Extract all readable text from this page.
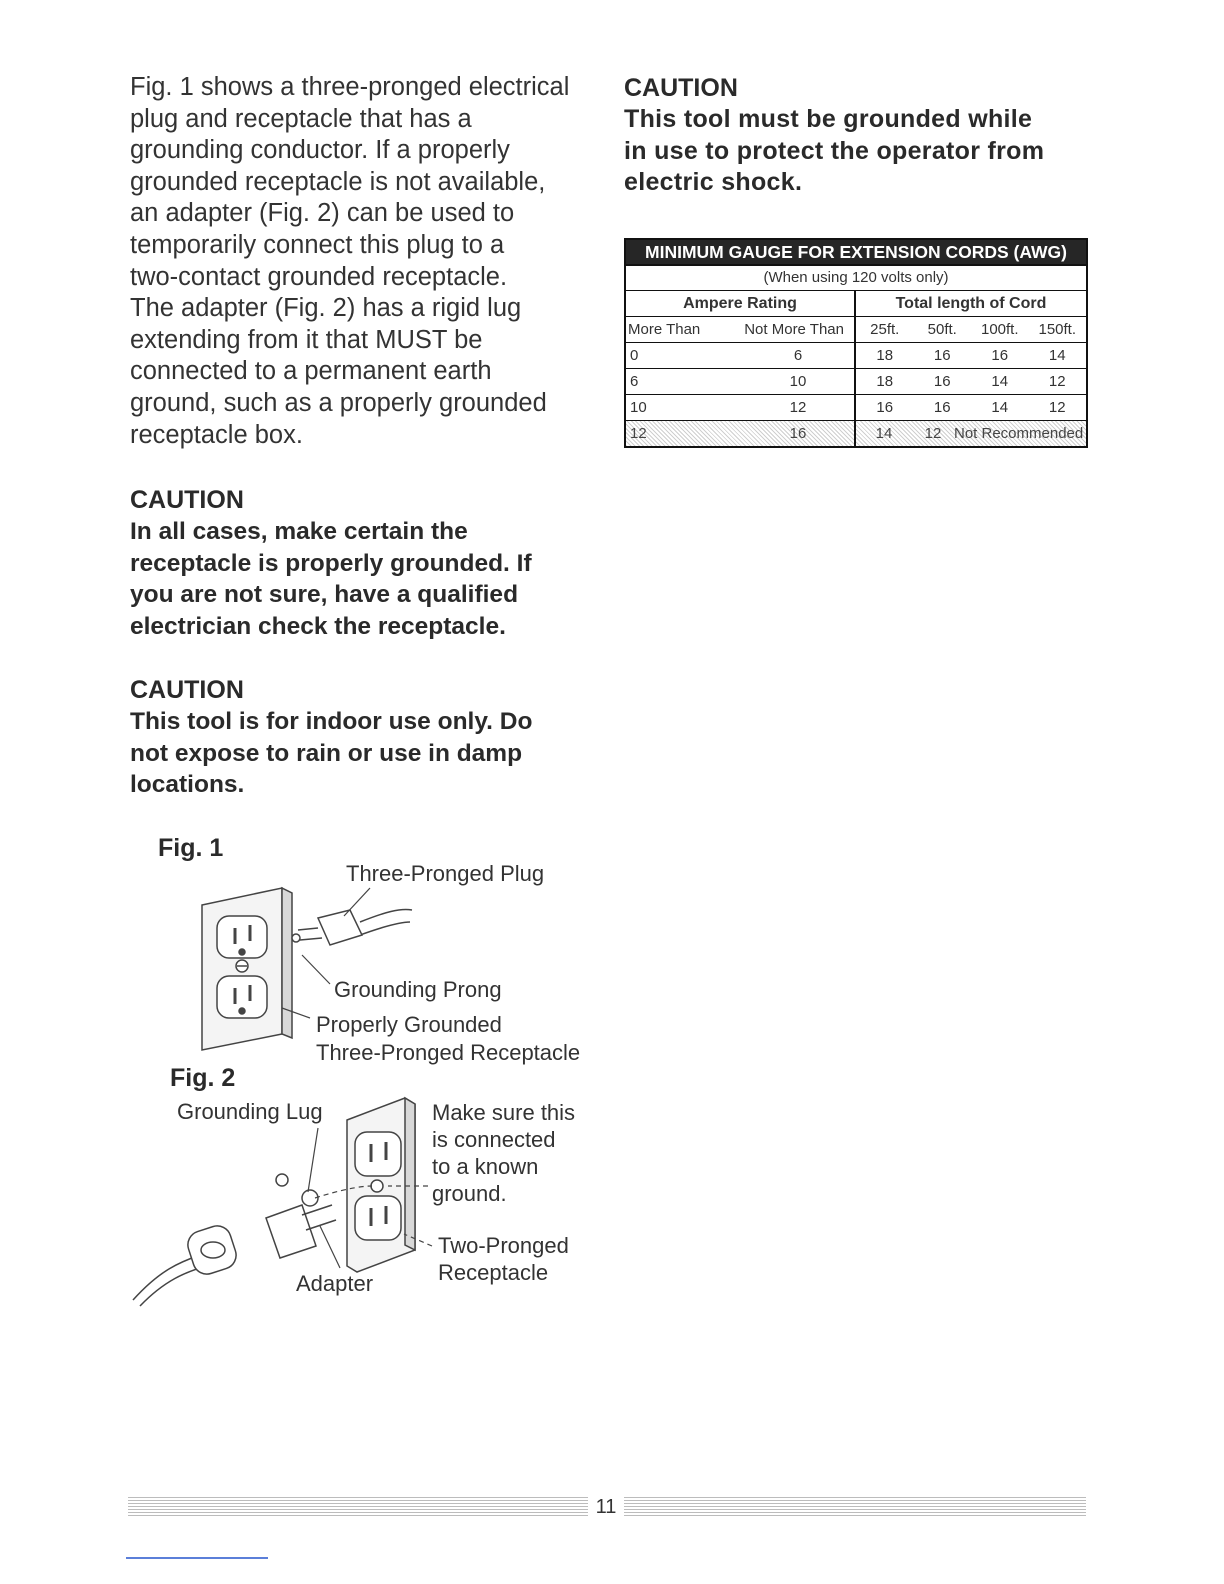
Fig. 1 shows a three-pronged electrical

plug and receptacle that has a

grounding conductor. If a properly

grounded receptacle is not available,

an adapter (Fig. 2) can be used to

temporarily connect this plug to a

two-contact grounded receptacle.

The adapter (Fig. 2) has a rigid lug

extending from it that MUST be

connected to a permanent earth

ground, such as a properly grounded

receptacle box.

CAUTION
This tool must be grounded while
in use to protect the operator from
electric shock.
MINIMUM GAUGE FOR EXTENSION CORDS (AWG)
(When using 120 volts only)
Ampere Rating	Total length of Cord
More Than	Not More Than	25ft.	50ft.	100ft.	150ft.
0	6	18	16	16	14
6	10	18	16	14	12
10	12	16	16	14	12
12	16	14	12 Not Recommended
CAUTION
In all cases, make certain the
receptacle is properly grounded. If
you are not sure, have a qualified
electrician check the receptacle.
CAUTION
This tool is for indoor use only. Do
not expose to rain or use in damp
locations.
Fig. 1
Three-Pronged Plug
Grounding Prong
Properly Grounded
Three-Pronged Receptacle
Fig. 2
Grounding Lug	Make sure this
is connected
to a known
ground.
Two-Pronged
Receptacle
Adapter
11
